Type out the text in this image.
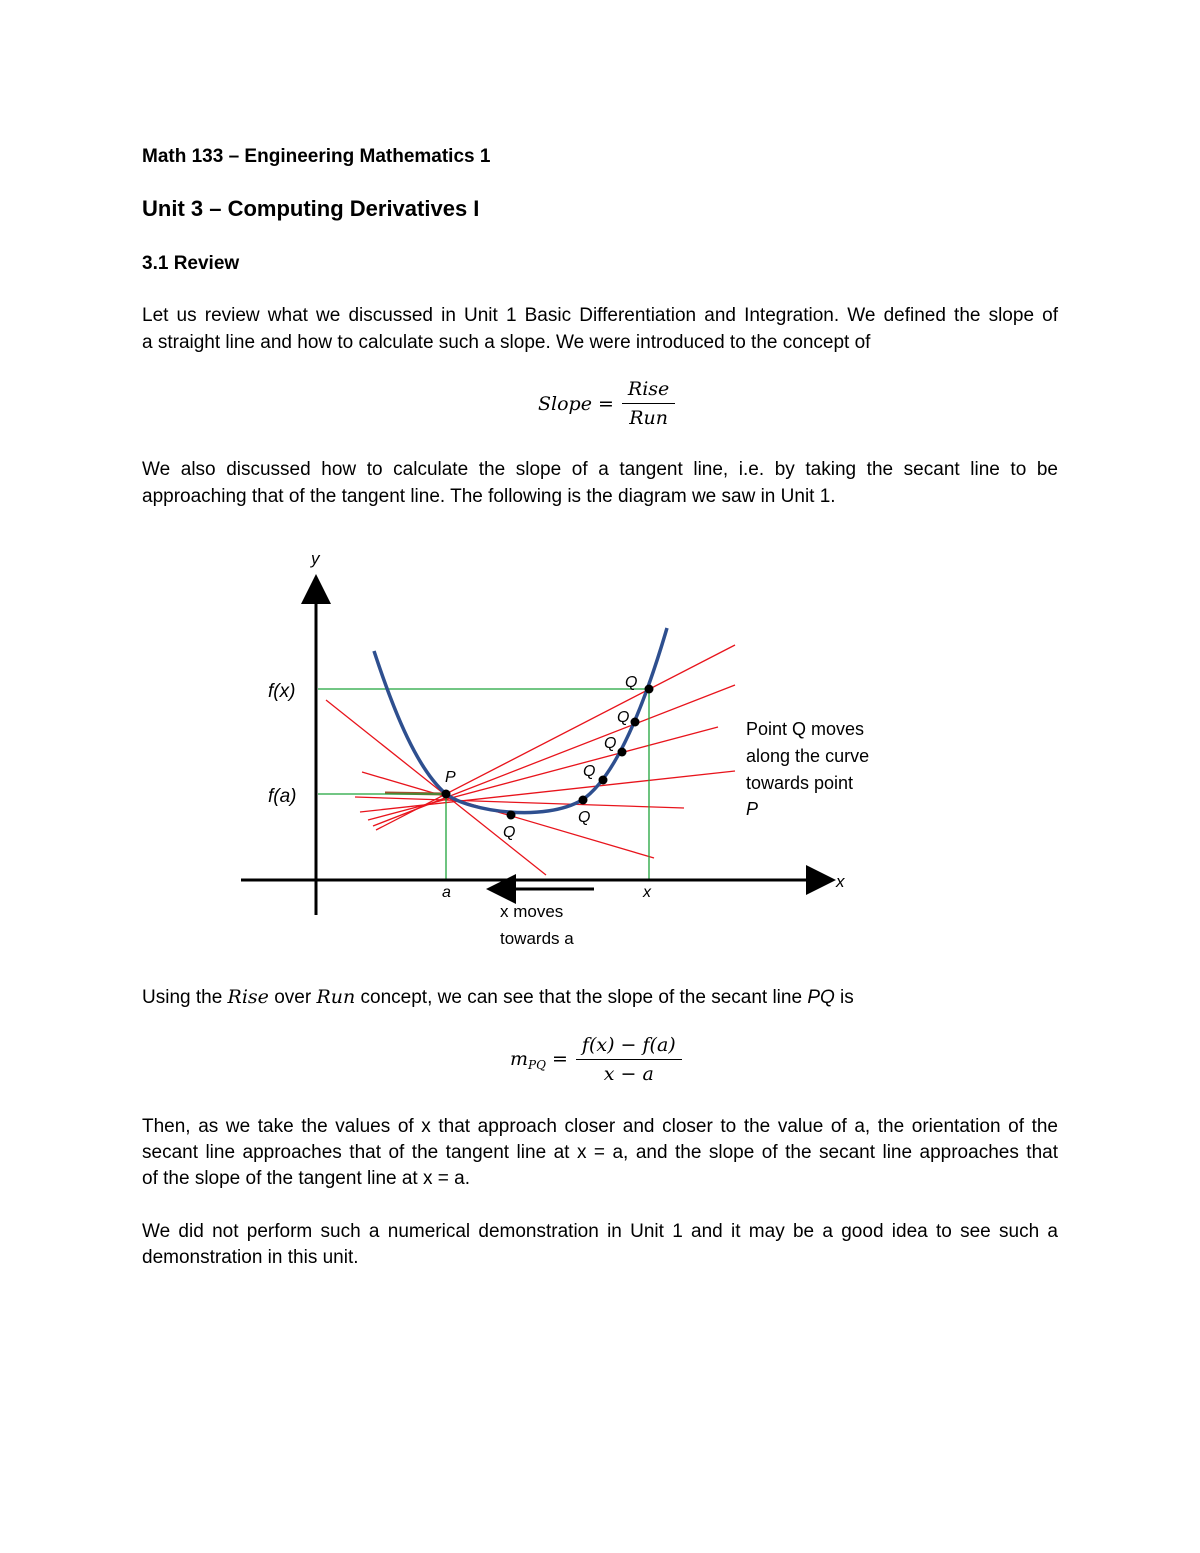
Math 133 – Engineering Mathematics 1
Unit 3 – Computing Derivatives I
3.1 Review
Let us review what we discussed in Unit 1 Basic Differentiation and Integration. We defined the slope of
a straight line and how to calculate such a slope. We were introduced to the concept of
Slope = $\frac{\text{Rise}}{\text{Run}}$
We also discussed how to calculate the slope of a tangent line, i.e. by taking the secant line to be
approaching that of the tangent line. The following is the diagram we saw in Unit 1.
y
x
f(x)
f(a)
P
Q
Q
Q
Q
Q
Q
a	x
x moves
towards a
Point Q moves
along the curve
towards point
P
Using the Rise over Run concept, we can see that the slope of the secant line PQ is
$m_{PQ} = \frac{f(x) - f(a)}{x - a}$
Then, as we take the values of x that approach closer and closer to the value of a, the orientation of the
secant line approaches that of the tangent line at x = a, and the slope of the secant line approaches that
of the slope of the tangent line at x = a.
We did not perform such a numerical demonstration in Unit 1 and it may be a good idea to see such a
demonstration in this unit.
